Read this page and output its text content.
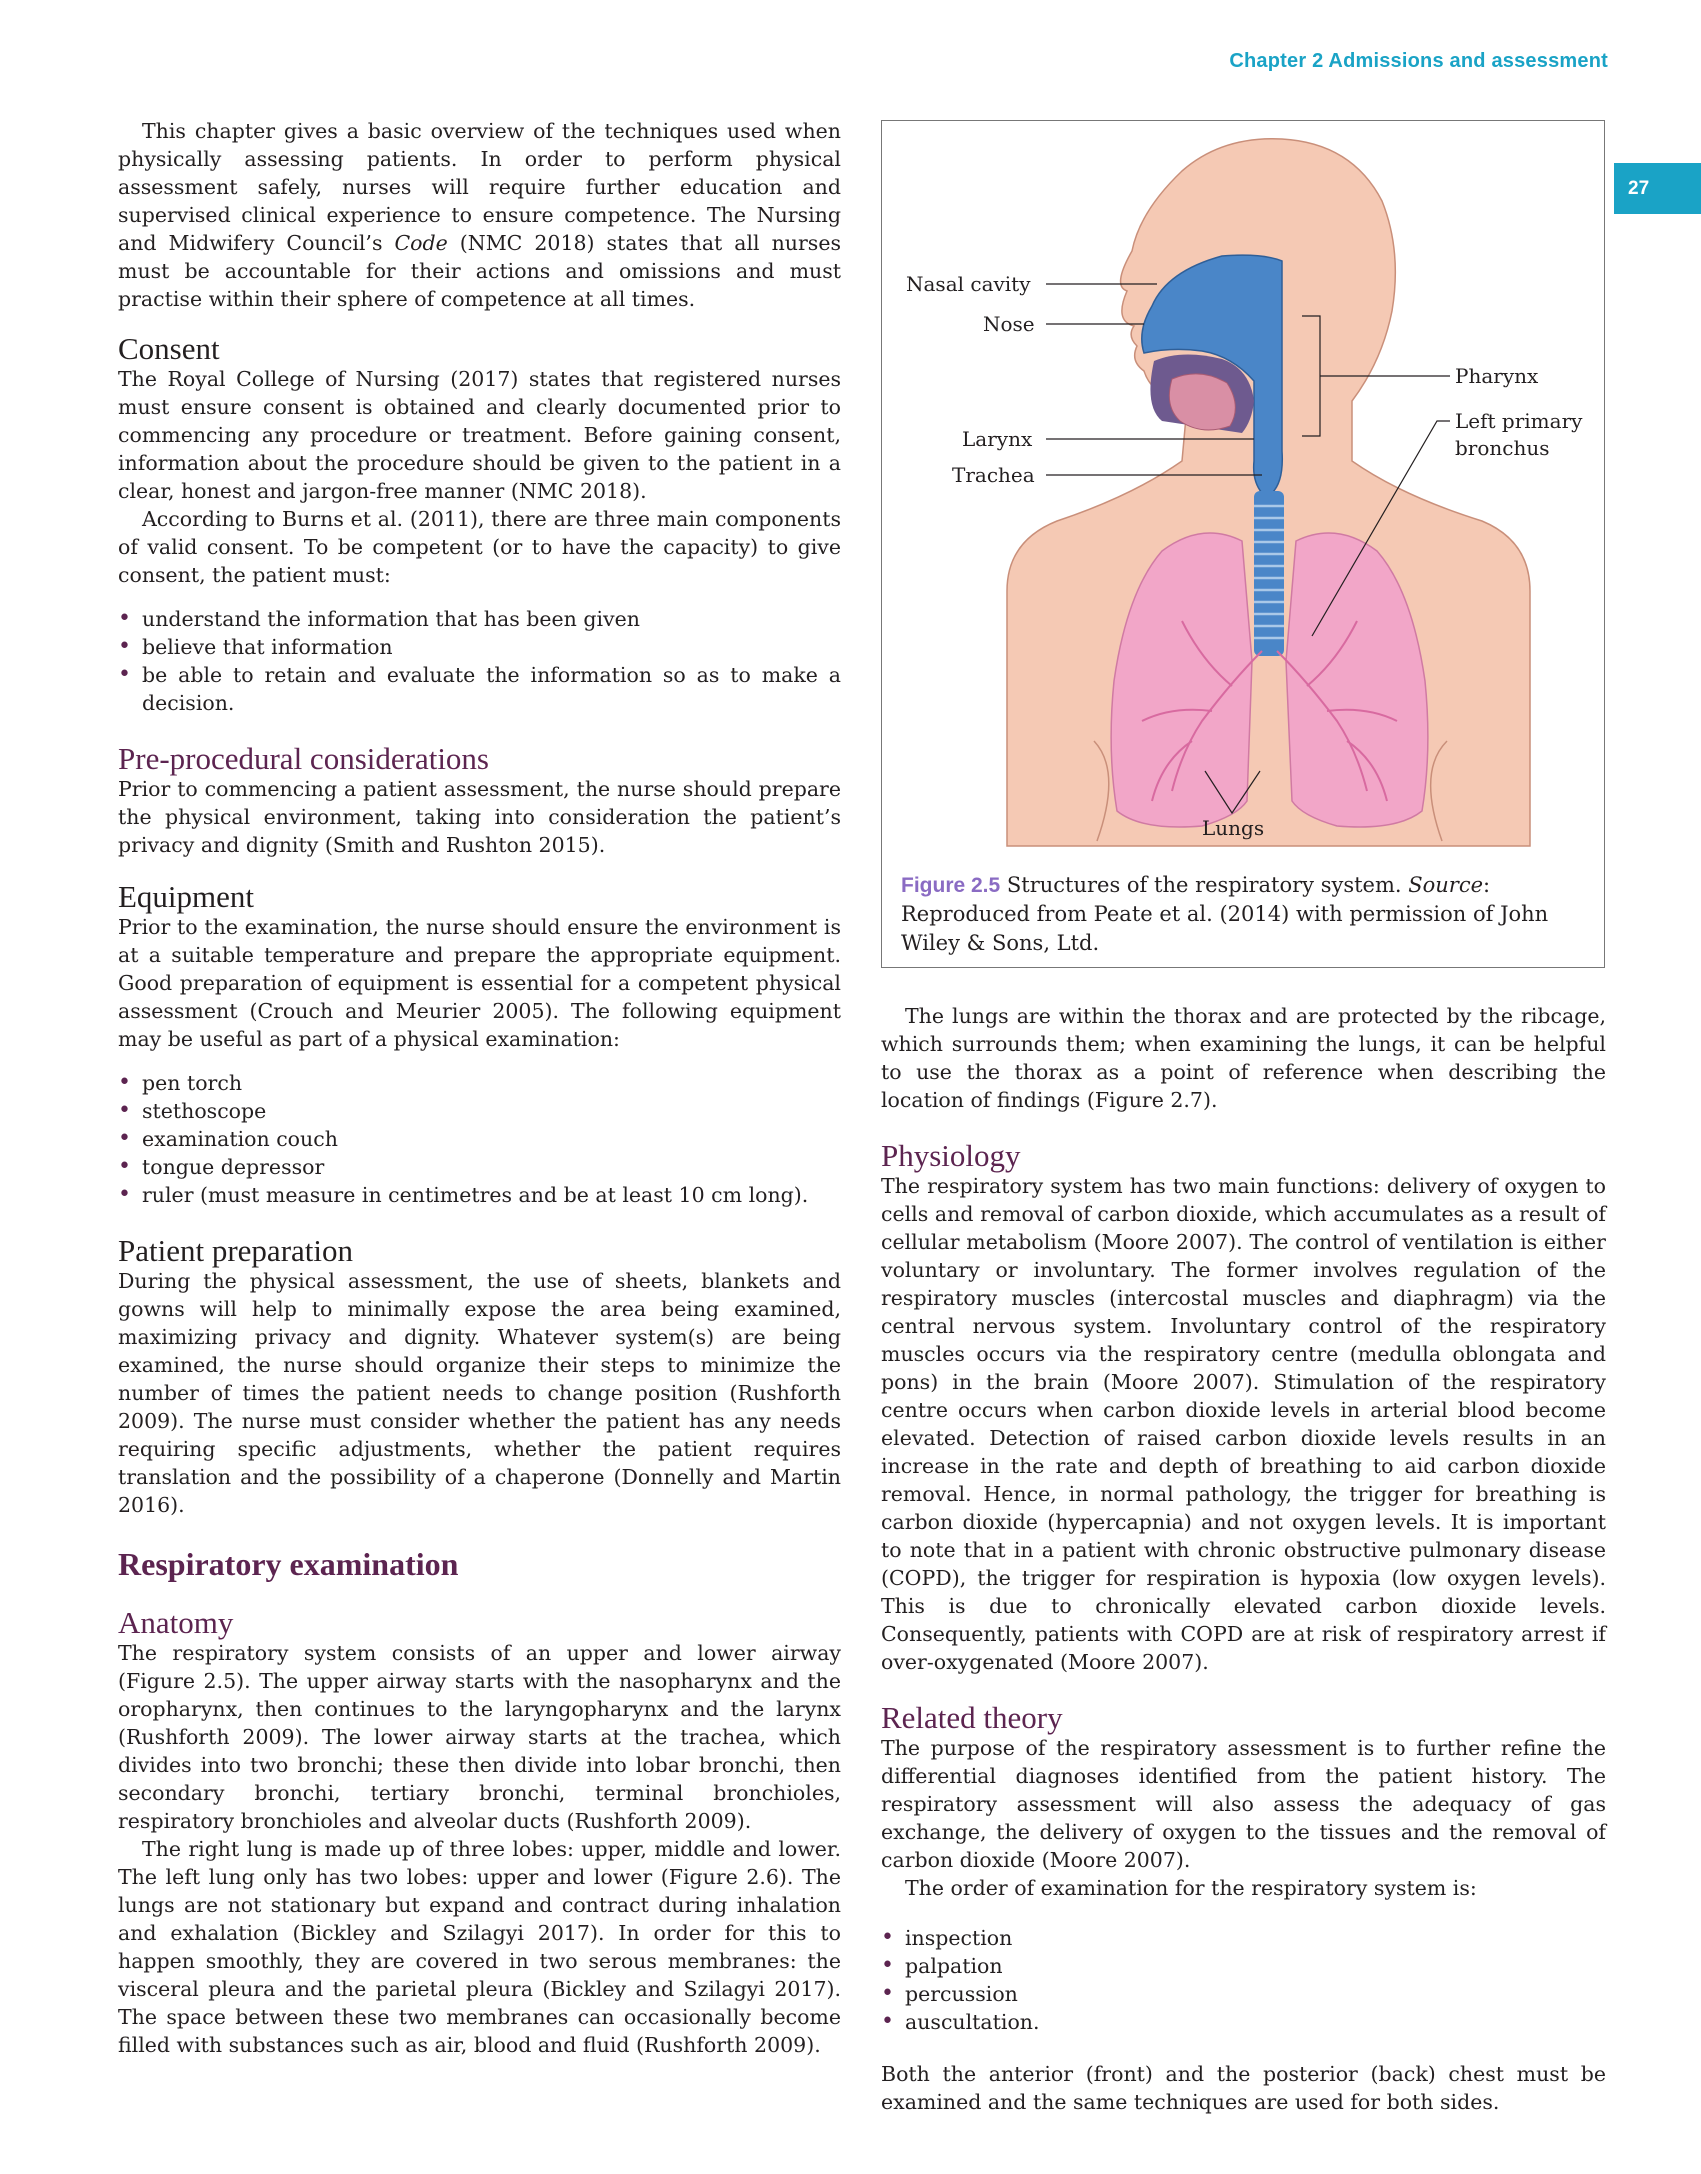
Chapter 2 Admissions and assessment
27

This chapter gives a basic overview of the techniques used when physically assessing patients. In order to perform physical assessment safely, nurses will require further education and supervised clinical experience to ensure competence. The Nursing and Midwifery Council’s Code (NMC 2018) states that all nurses must be accountable for their actions and omissions and must practise within their sphere of competence at all times.

Consent

The Royal College of Nursing (2017) states that registered nurses must ensure consent is obtained and clearly documented prior to commencing any procedure or treatment. Before gaining consent, information about the procedure should be given to the patient in a clear, honest and jargon-free manner (NMC 2018).

According to Burns et al. (2011), there are three main components of valid consent. To be competent (or to have the capacity) to give consent, the patient must:

• understand the information that has been given
• believe that information
• be able to retain and evaluate the information so as to make a decision.
Pre-procedural considerations

Prior to commencing a patient assessment, the nurse should prepare the physical environment, taking into consideration the patient’s privacy and dignity (Smith and Rushton 2015).

Equipment

Prior to the examination, the nurse should ensure the environment is at a suitable temperature and prepare the appropriate equipment. Good preparation of equipment is essential for a competent physical assessment (Crouch and Meurier 2005). The following equipment may be useful as part of a physical examination:

• pen torch
• stethoscope
• examination couch
• tongue depressor
• ruler (must measure in centimetres and be at least 10 cm long).
Patient preparation

During the physical assessment, the use of sheets, blankets and gowns will help to minimally expose the area being examined, maximizing privacy and dignity. Whatever system(s) are being examined, the nurse should organize their steps to minimize the number of times the patient needs to change position (Rushforth 2009). The nurse must consider whether the patient has any needs requiring specific adjustments, whether the patient requires translation and the possibility of a chaperone (Donnelly and Martin 2016).

Respiratory examination
Anatomy

The respiratory system consists of an upper and lower airway (Figure 2.5). The upper airway starts with the nasopharynx and the oropharynx, then continues to the laryngopharynx and the larynx (Rushforth 2009). The lower airway starts at the trachea, which divides into two bronchi; these then divide into lobar bronchi, then secondary bronchi, tertiary bronchi, terminal bronchioles, respiratory bronchioles and alveolar ducts (Rushforth 2009).

The right lung is made up of three lobes: upper, middle and lower. The left lung only has two lobes: upper and lower (Figure 2.6). The lungs are not stationary but expand and contract during inhalation and exhalation (Bickley and Szilagyi 2017). In order for this to happen smoothly, they are covered in two serous membranes: the visceral pleura and the parietal pleura (Bickley and Szilagyi 2017). The space between these two membranes can occasionally become filled with substances such as air, blood and fluid (Rushforth 2009).

Nasal cavity
Nose
Larynx
Trachea
Pharynx
Left primary
bronchus
Lungs
Figure 2.5 Structures of the respiratory system. Source: Reproduced from Peate et al. (2014) with permission of John Wiley & Sons, Ltd.

The lungs are within the thorax and are protected by the ribcage, which surrounds them; when examining the lungs, it can be helpful to use the thorax as a point of reference when describing the location of findings (Figure 2.7).

Physiology

The respiratory system has two main functions: delivery of oxygen to cells and removal of carbon dioxide, which accumulates as a result of cellular metabolism (Moore 2007). The control of ventilation is either voluntary or involuntary. The former involves regulation of the respiratory muscles (intercostal muscles and diaphragm) via the central nervous system. Involuntary control of the respiratory muscles occurs via the respiratory centre (medulla oblongata and pons) in the brain (Moore 2007). Stimulation of the respiratory centre occurs when carbon dioxide levels in arterial blood become elevated. Detection of raised carbon dioxide levels results in an increase in the rate and depth of breathing to aid carbon dioxide removal. Hence, in normal pathology, the trigger for breathing is carbon dioxide (hypercapnia) and not oxygen levels. It is important to note that in a patient with chronic obstructive pulmonary disease (COPD), the trigger for respiration is hypoxia (low oxygen levels). This is due to chronically elevated carbon dioxide levels. Consequently, patients with COPD are at risk of respiratory arrest if over-oxygenated (Moore 2007).

Related theory

The purpose of the respiratory assessment is to further refine the differential diagnoses identified from the patient history. The respiratory assessment will also assess the adequacy of gas exchange, the delivery of oxygen to the tissues and the removal of carbon dioxide (Moore 2007).

The order of examination for the respiratory system is:

• inspection
• palpation
• percussion
• auscultation.

Both the anterior (front) and the posterior (back) chest must be examined and the same techniques are used for both sides.
